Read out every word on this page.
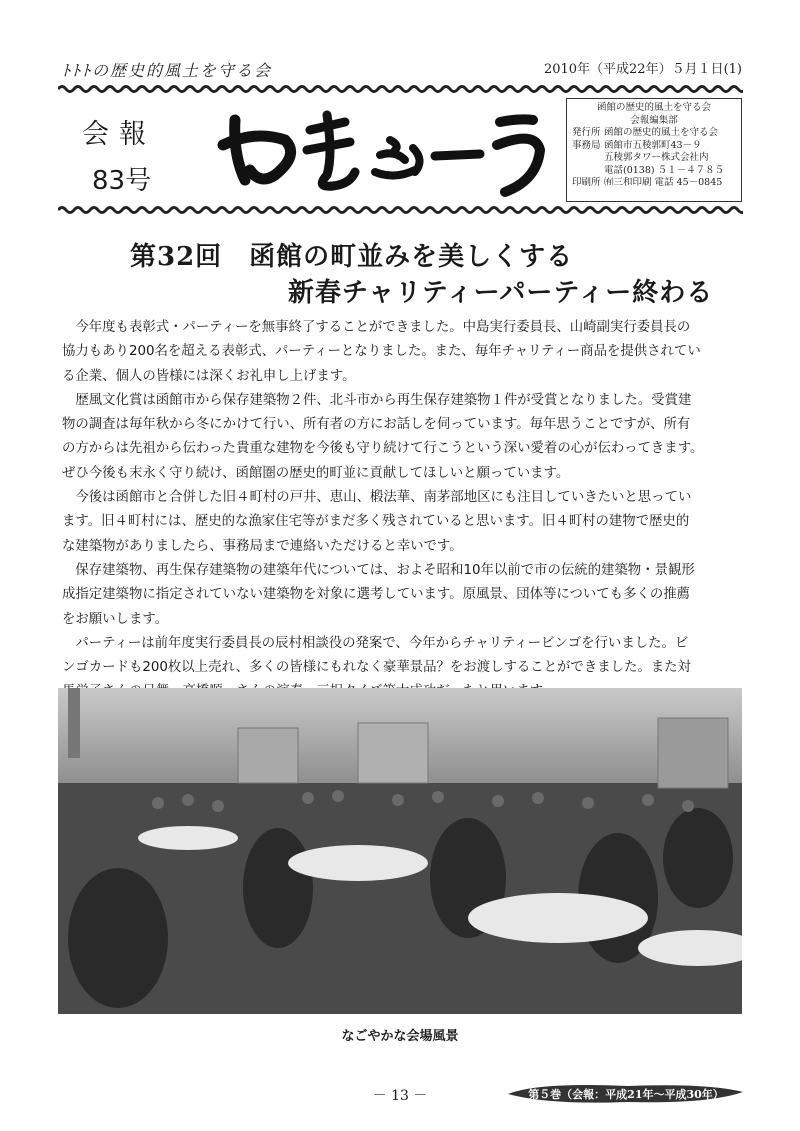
ﾄﾄﾄの歴史的風土を守る会	2010年（平成22年）５月１日(1)
会報
83号
函館の歴史的風土を守る会
会報編集部
発行所 函館の歴史的風土を守る会
事務局 函館市五稜郭町43－９
五稜郭タワー株式会社内
電話(0138) ５１－４７８５
印刷所 ㈲三和印刷 電話 45－0845
第32回　函館の町並みを美しくする
新春チャリティーパーティー終わる

今年度も表彰式・パーティーを無事終了することができました。中島実行委員長、山崎副実行委員長の

協力もあり200名を超える表彰式、パーティーとなりました。また、毎年チャリティー商品を提供されてい

る企業、個人の皆様には深くお礼申し上げます。

歴風文化賞は函館市から保存建築物２件、北斗市から再生保存建築物１件が受賞となりました。受賞建

物の調査は毎年秋から冬にかけて行い、所有者の方にお話しを伺っています。毎年思うことですが、所有

の方からは先祖から伝わった貴重な建物を今後も守り続けて行こうという深い愛着の心が伝わってきます。

ぜひ今後も末永く守り続け、函館圏の歴史的町並に貢献してほしいと願っています。

今後は函館市と合併した旧４町村の戸井、恵山、椴法華、南茅部地区にも注目していきたいと思ってい

ます。旧４町村には、歴史的な漁家住宅等がまだ多く残されていると思います。旧４町村の建物で歴史的

な建築物がありましたら、事務局まで連絡いただけると幸いです。

保存建築物、再生保存建築物の建築年代については、およそ昭和10年以前で市の伝統的建築物・景観形

成指定建築物に指定されていない建築物を対象に選考しています。原風景、団体等についても多くの推薦

をお願いします。

パーティーは前年度実行委員長の辰村相談役の発案で、今年からチャリティービンゴを行いました。ビ

ンゴカードも200枚以上売れ、多くの皆様にもれなく豪華景品？をお渡しすることができました。また対

なごやかな会場風景
－ 13 －	第５巻（会報：平成21年〜平成30年）
